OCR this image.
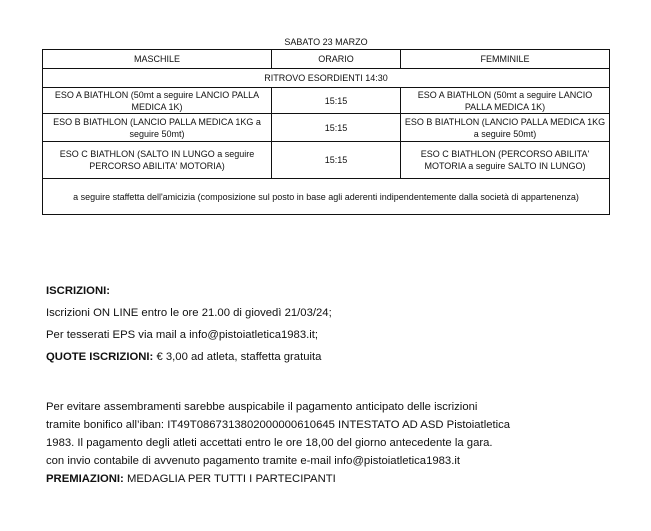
SABATO 23 MARZO
MASCHILE	ORARIO	FEMMINILE
RITROVO ESORDIENTI 14:30		
ESO A BIATHLON (50mt a seguire LANCIO PALLA MEDICA 1K)	15:15	ESO A BIATHLON (50mt a seguire LANCIO PALLA MEDICA 1K)
ESO B BIATHLON (LANCIO PALLA MEDICA 1KG a seguire 50mt)	15:15	ESO B BIATHLON (LANCIO PALLA MEDICA 1KG a seguire 50mt)
ESO C BIATHLON (SALTO IN LUNGO a seguire PERCORSO ABILITA' MOTORIA)	15:15	ESO C BIATHLON (PERCORSO ABILITA' MOTORIA a seguire SALTO IN LUNGO)
a seguire staffetta dell'amicizia (composizione sul posto in base agli aderenti indipendentemente dalla società di appartenenza)		
ISCRIZIONI:
Iscrizioni ON LINE entro le ore 21.00 di giovedì 21/03/24;
Per tesserati EPS via mail a info@pistoiatletica1983.it;
QUOTE ISCRIZIONI: € 3,00 ad atleta, staffetta gratuita
Per evitare assembramenti sarebbe auspicabile il pagamento anticipato delle iscrizioni
tramite bonifico all’iban: IT49T0867313802000000610645 INTESTATO AD ASD Pistoiatletica
1983. Il pagamento degli atleti accettati entro le ore 18,00 del giorno antecedente la gara.
con invio contabile di avvenuto pagamento tramite e-mail info@pistoiatletica1983.it
PREMIAZIONI: MEDAGLIA PER TUTTI I PARTECIPANTI
